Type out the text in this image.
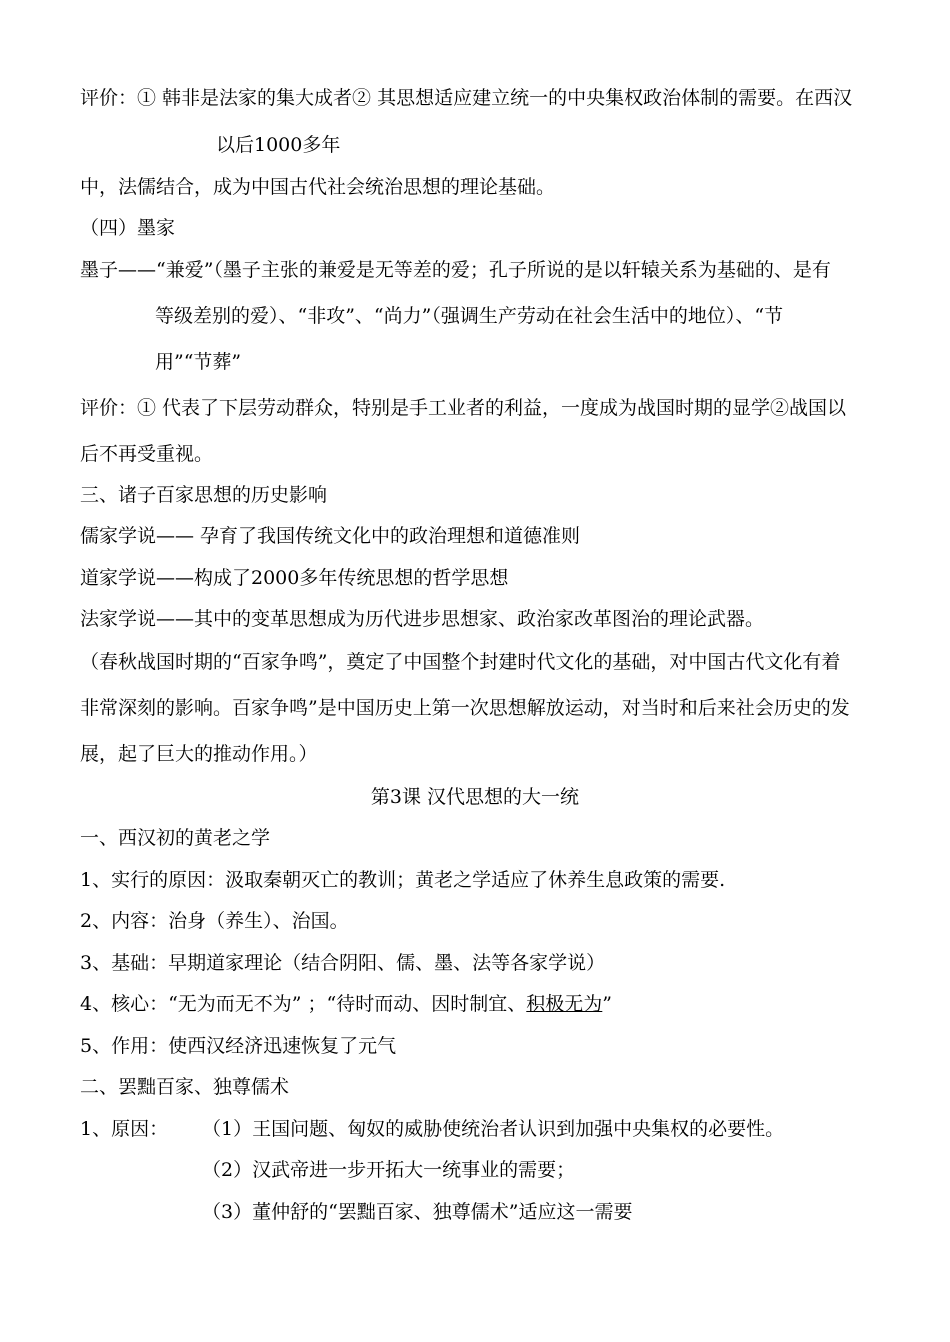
评价：① 韩非是法家的集大成者② 其思想适应建立统一的中央集权政治体制的需要。在西汉
以后1000多年
中，法儒结合，成为中国古代社会统治思想的理论基础。
（四）墨家
墨子——“兼爱”（墨子主张的兼爱是无等差的爱；孔子所说的是以轩辕关系为基础的、是有
等级差别的爱）、“非攻”、“尚力”（强调生产劳动在社会生活中的地位）、“节
用”“节葬”
评价：① 代表了下层劳动群众，特别是手工业者的利益，一度成为战国时期的显学②战国以
后不再受重视。
三、诸子百家思想的历史影响
儒家学说—— 孕育了我国传统文化中的政治理想和道德准则
道家学说——构成了2000多年传统思想的哲学思想
法家学说——其中的变革思想成为历代进步思想家、政治家改革图治的理论武器。
（春秋战国时期的“百家争鸣”，奠定了中国整个封建时代文化的基础，对中国古代文化有着
非常深刻的影响。百家争鸣”是中国历史上第一次思想解放运动，对当时和后来社会历史的发
展，起了巨大的推动作用。）
第3课 汉代思想的大一统
一、西汉初的黄老之学
1、实行的原因：汲取秦朝灭亡的教训；黄老之学适应了休养生息政策的需要.
2、内容：治身（养生）、治国。
3、基础：早期道家理论（结合阴阳、儒、墨、法等各家学说）
4、核心：“无为而无不为” ；“待时而动、因时制宜、积极无为”
5、作用：使西汉经济迅速恢复了元气
二、罢黜百家、独尊儒术
1、原因： （1）王国问题、匈奴的威胁使统治者认识到加强中央集权的必要性。
（2）汉武帝进一步开拓大一统事业的需要；
（3）董仲舒的“罢黜百家、独尊儒术”适应这一需要
